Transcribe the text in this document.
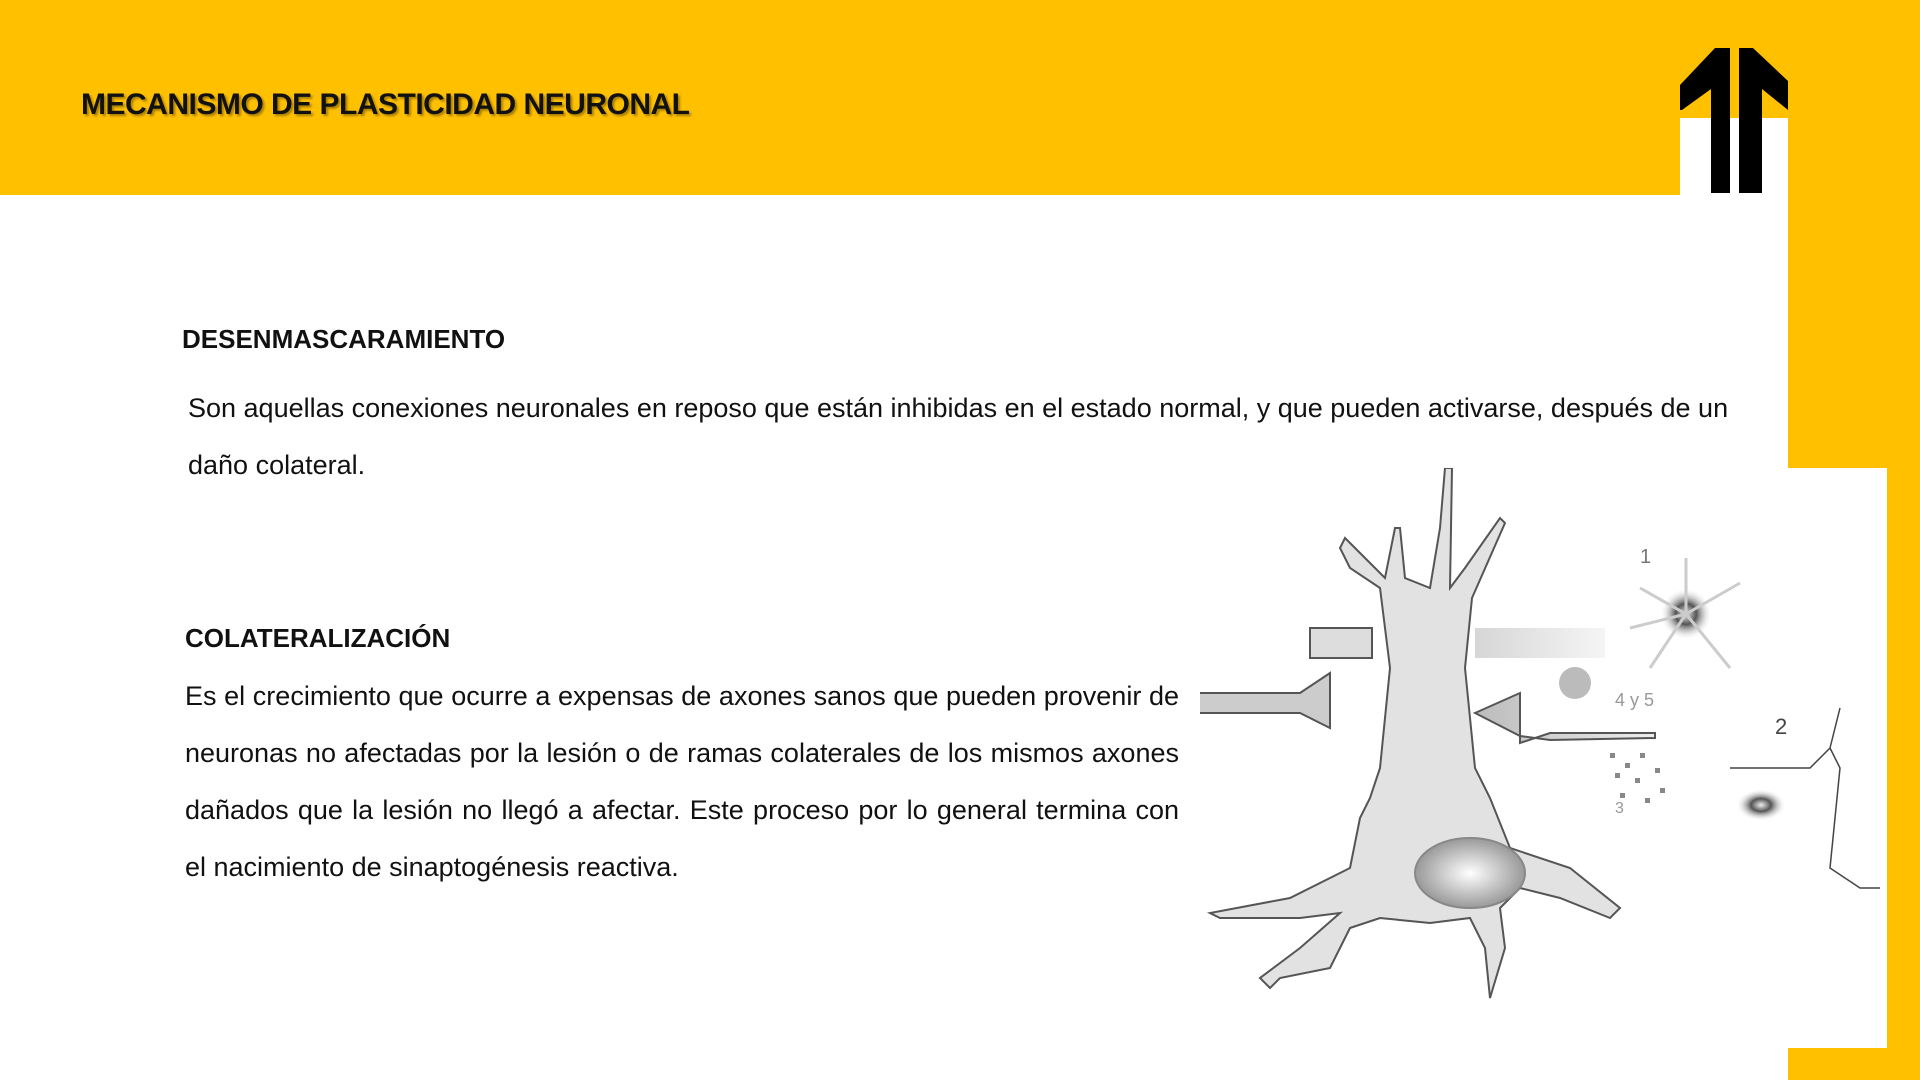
MECANISMO DE PLASTICIDAD NEURONAL
DESENMASCARAMIENTO
Son aquellas conexiones neuronales en reposo que están inhibidas en el estado normal, y que pueden activarse, después de un daño colateral.
COLATERALIZACIÓN
Es el crecimiento que ocurre a expensas de axones sanos que pueden provenir de neuronas no afectadas por la lesión o de ramas colaterales de los mismos axones dañados que la lesión no llegó a afectar. Este proceso por lo general termina con el nacimiento de sinaptogénesis reactiva.
1
2
3
4 y 5
